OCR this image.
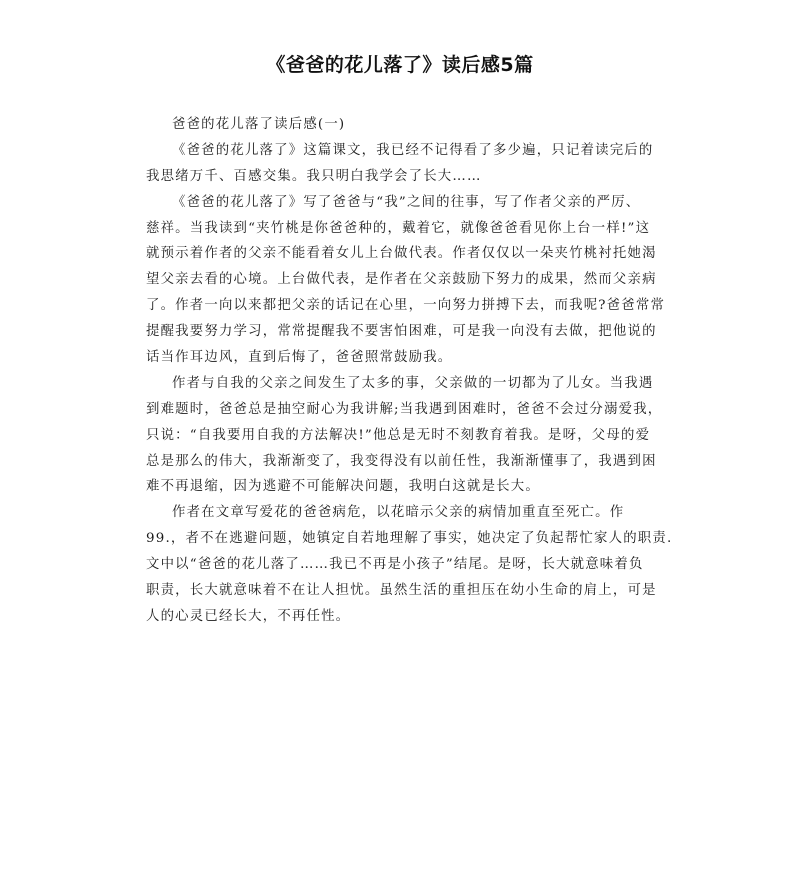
《爸爸的花儿落了》读后感5篇
爸爸的花儿落了读后感(一)
《爸爸的花儿落了》这篇课文，我已经不记得看了多少遍，只记着读完后的
我思绪万千、百感交集。我只明白我学会了长大……
《爸爸的花儿落了》写了爸爸与“我”之间的往事，写了作者父亲的严厉、
慈祥。当我读到“夹竹桃是你爸爸种的，戴着它，就像爸爸看见你上台一样!”这
就预示着作者的父亲不能看着女儿上台做代表。作者仅仅以一朵夹竹桃衬托她渴
望父亲去看的心境。上台做代表，是作者在父亲鼓励下努力的成果，然而父亲病
了。作者一向以来都把父亲的话记在心里，一向努力拼搏下去，而我呢?爸爸常常
提醒我要努力学习，常常提醒我不要害怕困难，可是我一向没有去做，把他说的
话当作耳边风，直到后悔了，爸爸照常鼓励我。
作者与自我的父亲之间发生了太多的事，父亲做的一切都为了儿女。当我遇
到难题时，爸爸总是抽空耐心为我讲解;当我遇到困难时，爸爸不会过分溺爱我，
只说：“自我要用自我的方法解决!”他总是无时不刻教育着我。是呀，父母的爱
总是那么的伟大，我渐渐变了，我变得没有以前任性，我渐渐懂事了，我遇到困
难不再退缩，因为逃避不可能解决问题，我明白这就是长大。
作者在文章写爱花的爸爸病危，以花暗示父亲的病情加重直至死亡。作
99.，者不在逃避问题，她镇定自若地理解了事实，她决定了负起帮忙家人的职责.
文中以“爸爸的花儿落了……我已不再是小孩子”结尾。是呀，长大就意味着负
职责，长大就意味着不在让人担忧。虽然生活的重担压在幼小生命的肩上，可是
人的心灵已经长大，不再任性。
